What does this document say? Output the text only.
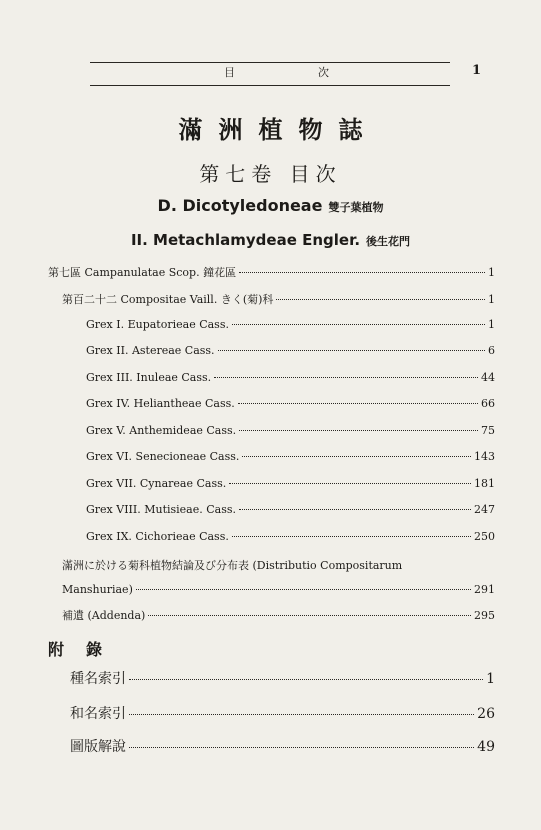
目	次	1
滿洲植物誌
第七卷 目次
D. Dicotyledoneae 雙子葉植物
II. Metachlamydeae Engler. 後生花門
第七區 Campanulatae Scop. 鐘花區	1
第百二十二 Compositae Vaill. きく(菊)科	1
Grex I. Eupatorieae Cass.	1
Grex II. Astereae Cass.	6
Grex III. Inuleae Cass.	44
Grex IV. Heliantheae Cass.	66
Grex V. Anthemideae Cass.	75
Grex VI. Senecioneae Cass.	143
Grex VII. Cynareae Cass.	181
Grex VIII. Mutisieae. Cass.	247
Grex IX. Cichorieae Cass.	250
滿洲に於ける菊科植物結論及び分布表 (Distributio Compositarum
Manshuriae)	291
補遺 (Addenda)	295
附錄
種名索引	1
和名索引	26
圖版解說	49
